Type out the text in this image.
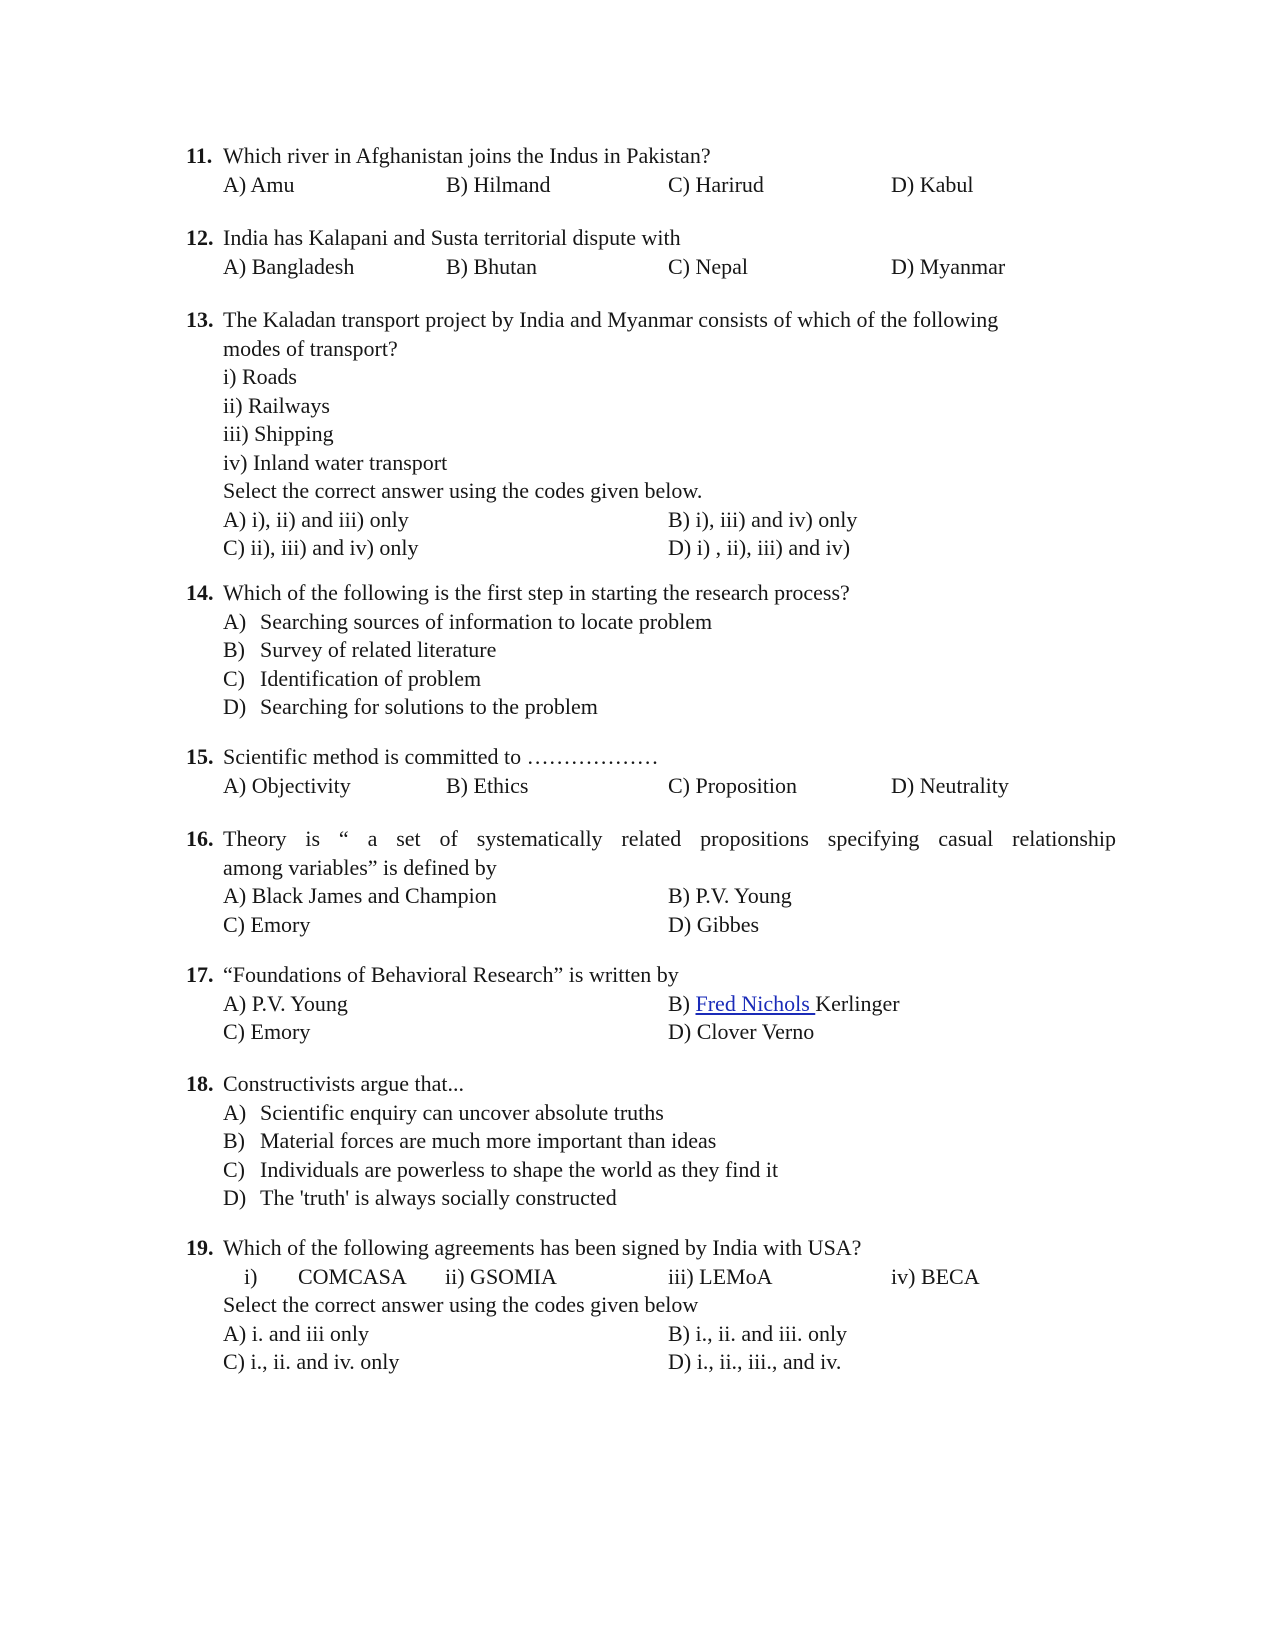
11. Which river in Afghanistan joins the Indus in Pakistan?
A) Amu	B) Hilmand	C) Harirud	D) Kabul
12. India has Kalapani and Susta territorial dispute with
A) Bangladesh	B) Bhutan	C) Nepal	D) Myanmar
13. The Kaladan transport project by India and Myanmar consists of which of the following
modes of transport?
i) Roads
ii) Railways
iii) Shipping
iv) Inland water transport
Select the correct answer using the codes given below.
A) i), ii) and iii) only	B) i), iii) and iv) only
C) ii), iii) and iv) only	D) i) , ii), iii) and iv)
14. Which of the following is the first step in starting the research process?
A) Searching sources of information to locate problem
B) Survey of related literature
C) Identification of problem
D) Searching for solutions to the problem
15. Scientific method is committed to ………………
A) Objectivity	B) Ethics	C) Proposition	D) Neutrality
16. Theory is “ a set of systematically related propositions specifying casual relationship
among variables” is defined by
A) Black James and Champion	B) P.V. Young
C) Emory	D) Gibbes
17. “Foundations of Behavioral Research” is written by
A) P.V. Young	B) Fred Nichols Kerlinger
C) Emory	D) Clover Verno
18. Constructivists argue that...
A) Scientific enquiry can uncover absolute truths
B) Material forces are much more important than ideas
C) Individuals are powerless to shape the world as they find it
D) The 'truth' is always socially constructed
19. Which of the following agreements has been signed by India with USA?
i) COMCASA ii) GSOMIA	iii) LEMoA	iv) BECA
Select the correct answer using the codes given below
A) i. and iii only	B) i., ii. and iii. only
C) i., ii. and iv. only	D) i., ii., iii., and iv.
